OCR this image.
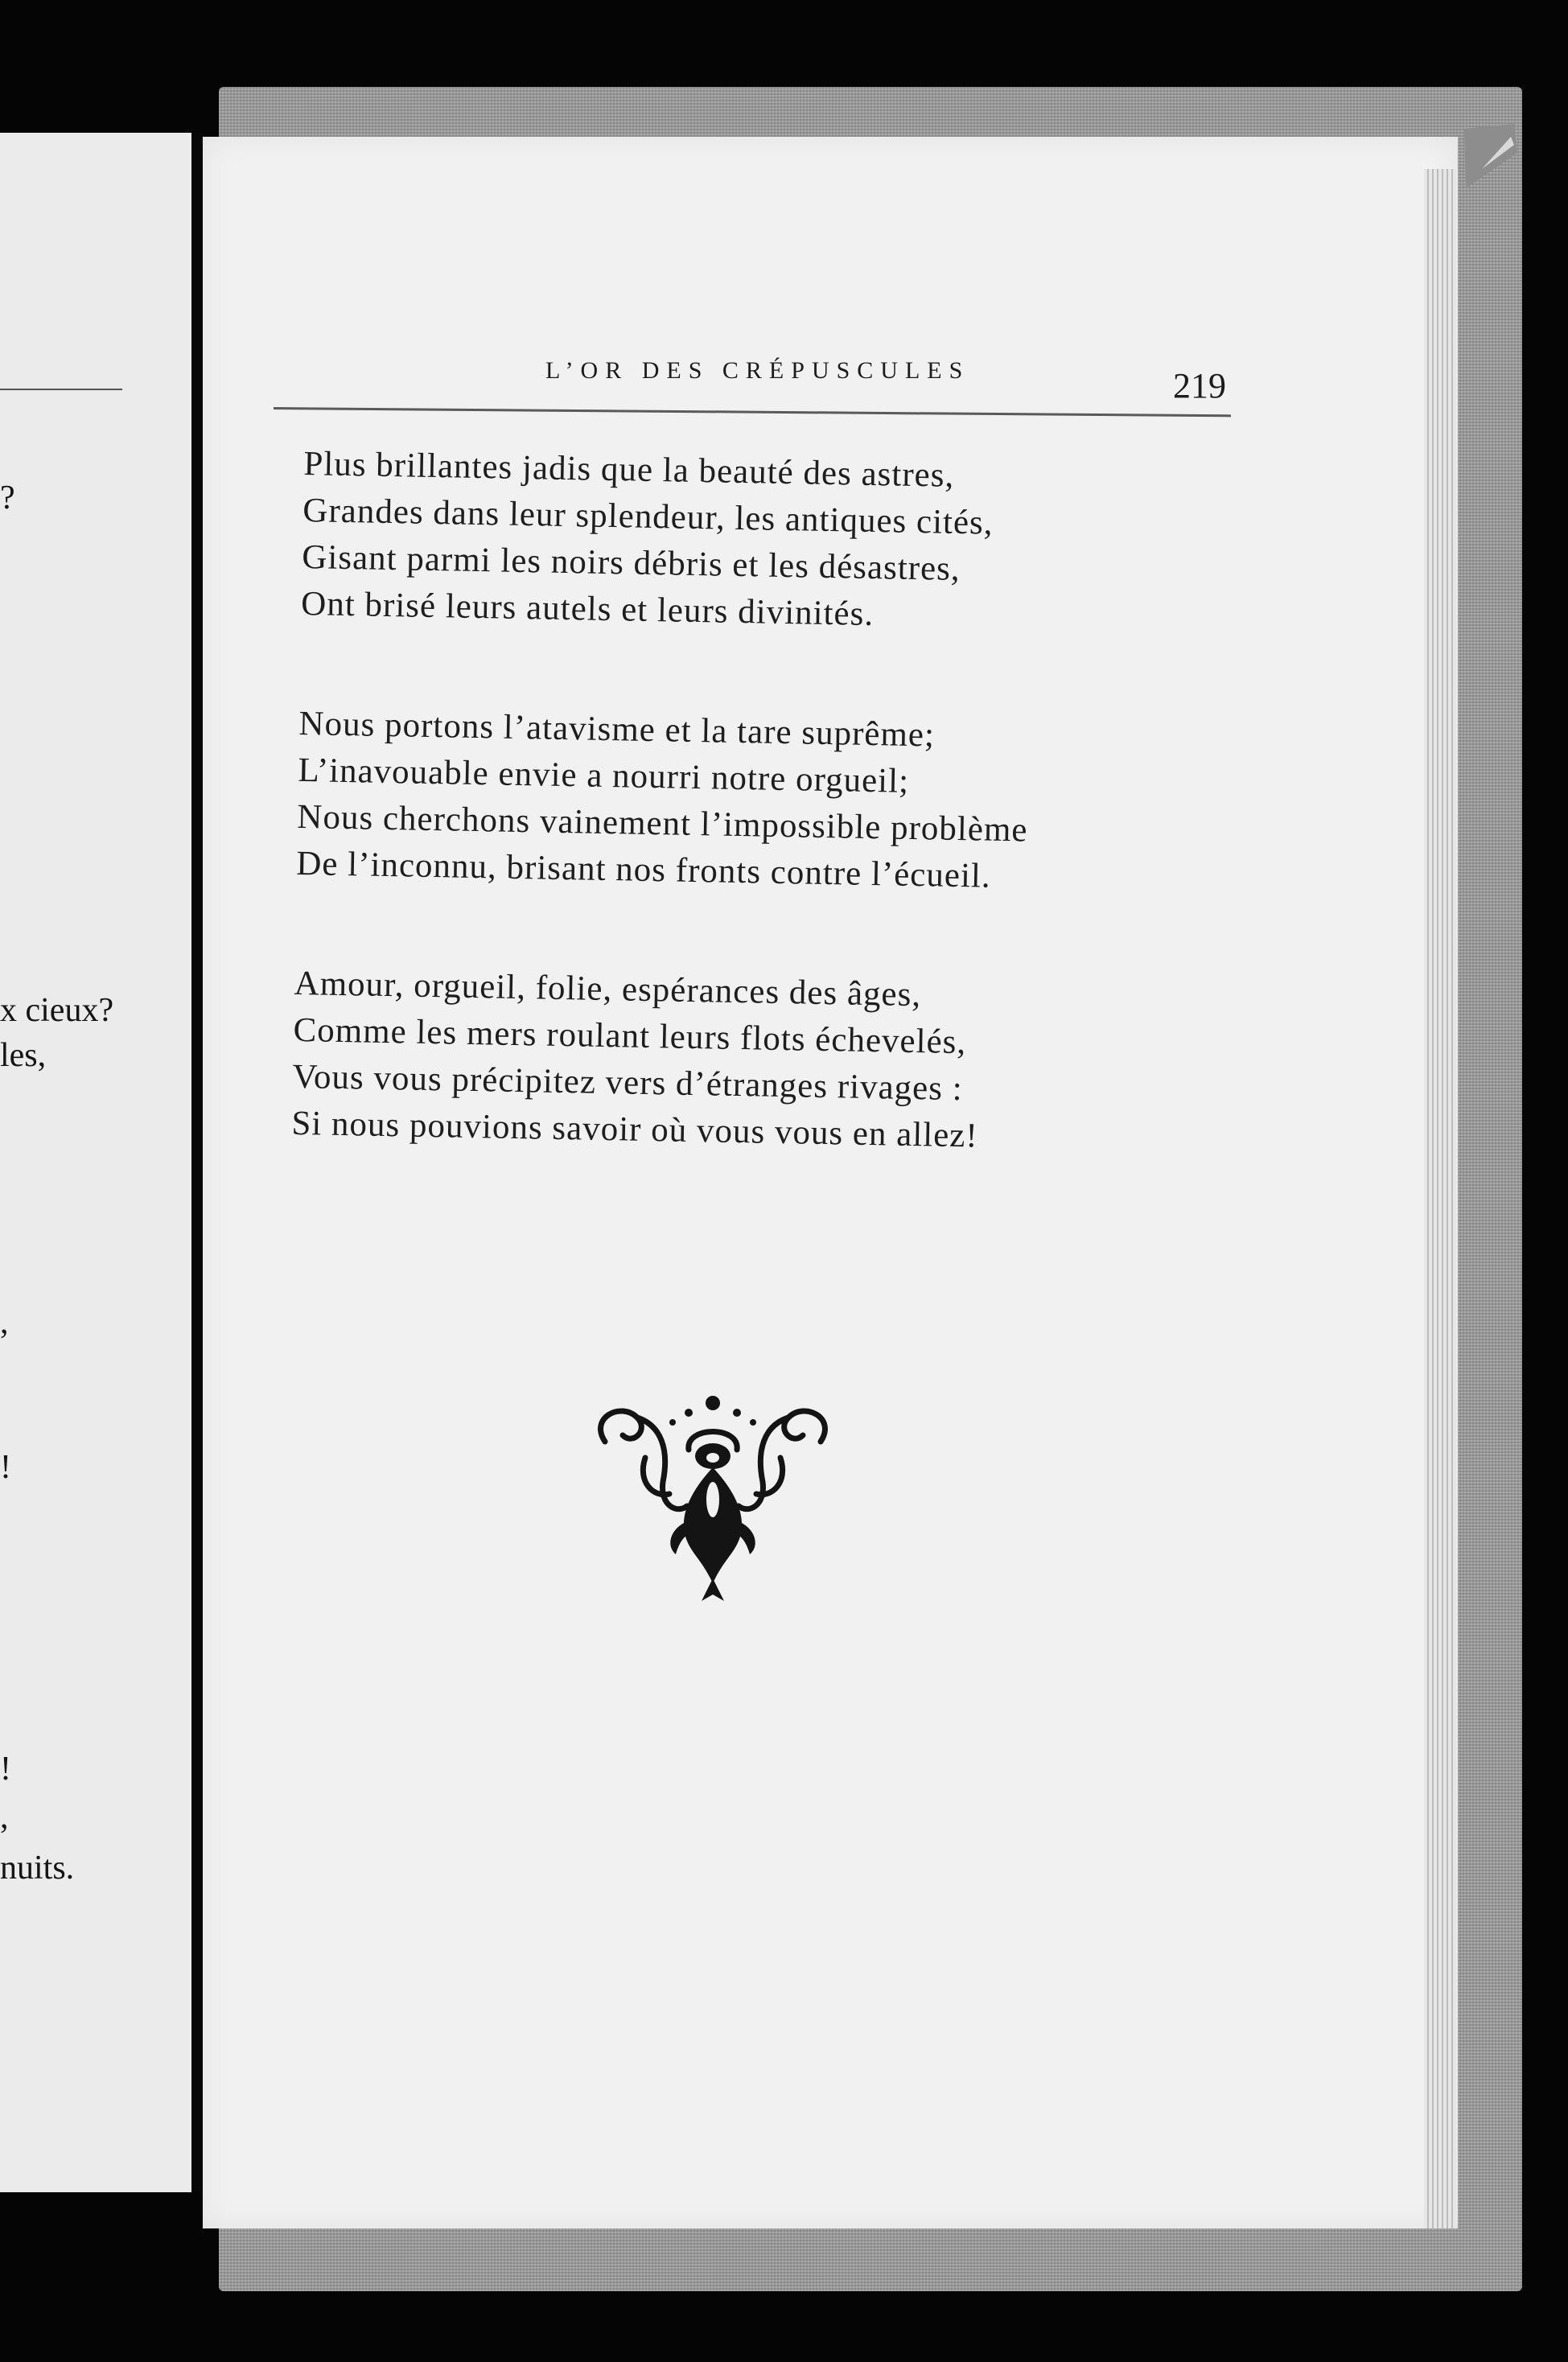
?
x cieux?
les,
,
!
!
,
nuits.
L’OR DES CRÉPUSCULES	219
Plus brillantes jadis que la beauté des astres,
Grandes dans leur splendeur, les antiques cités,
Gisant parmi les noirs débris et les désastres,
Ont brisé leurs autels et leurs divinités.
Nous portons l’atavisme et la tare suprême;
L’inavouable envie a nourri notre orgueil;
Nous cherchons vainement l’impossible problème
De l’inconnu, brisant nos fronts contre l’écueil.
Amour, orgueil, folie, espérances des âges,
Comme les mers roulant leurs flots échevelés,
Vous vous précipitez vers d’étranges rivages :
Si nous pouvions savoir où vous vous en allez!
